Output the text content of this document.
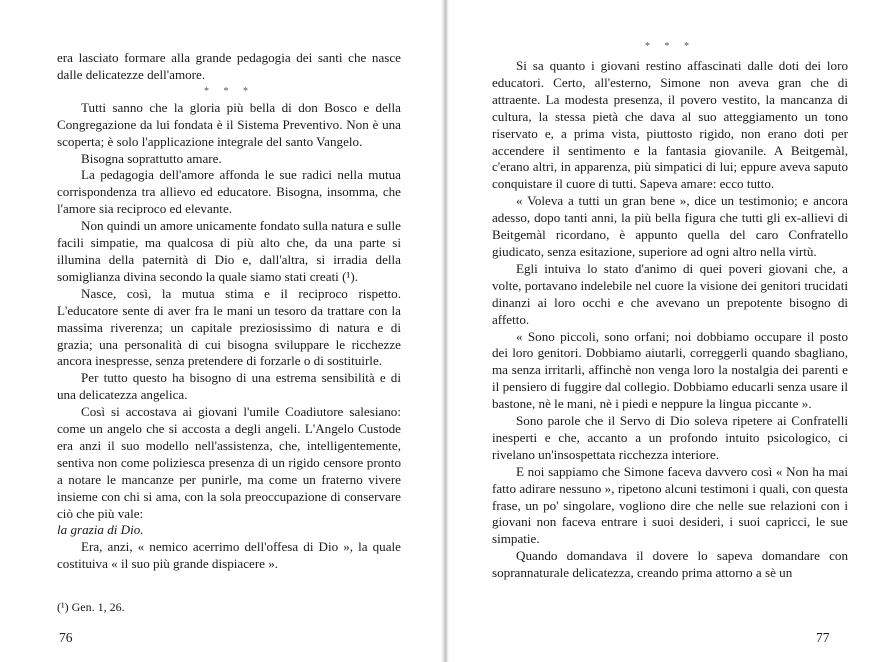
era lasciato formare alla grande pedagogia dei santi che nasce dalle delicatezze dell'amore.

* * *

Tutti sanno che la gloria più bella di don Bosco e della Congregazione da lui fondata è il Sistema Preventivo. Non è una scoperta; è solo l'applicazione integrale del santo Vangelo.

Bisogna soprattutto amare.

La pedagogia dell'amore affonda le sue radici nella mutua corrispondenza tra allievo ed educatore. Bisogna, insomma, che l'amore sia reciproco ed elevante.

Non quindi un amore unicamente fondato sulla natura e sulle facili simpatie, ma qualcosa di più alto che, da una parte si illumina della paternità di Dio e, dall'altra, si irradia della somiglianza divina secondo la quale siamo stati creati (¹).

Nasce, così, la mutua stima e il reciproco rispetto. L'educatore sente di aver fra le mani un tesoro da trattare con la massima riverenza; un capitale preziosissimo di natura e di grazia; una personalità di cui bisogna sviluppare le ricchezze ancora inespresse, senza pretendere di forzarle o di sostituirle.

Per tutto questo ha bisogno di una estrema sensibilità e di una delicatezza angelica.

Così si accostava ai giovani l'umile Coadiutore salesiano: come un angelo che si accosta a degli angeli. L'Angelo Custode era anzi il suo modello nell'assistenza, che, intelligentemente, sentiva non come poliziesca presenza di un rigido censore pronto a notare le mancanze per punirle, ma come un fraterno vivere insieme con chi si ama, con la sola preoccupazione di conservare ciò che più vale:

la grazia di Dio.

Era, anzi, « nemico acerrimo dell'offesa di Dio », la quale costituiva « il suo più grande dispiacere ».

(¹) Gen. 1, 26.
76
* * *

Si sa quanto i giovani restino affascinati dalle doti dei loro educatori. Certo, all'esterno, Simone non aveva gran che di attraente. La modesta presenza, il povero vestito, la mancanza di cultura, la stessa pietà che dava al suo atteggiamento un tono riservato e, a prima vista, piuttosto rigido, non erano doti per accendere il sentimento e la fantasia giovanile. A Beitgemàl, c'erano altri, in apparenza, più simpatici di lui; eppure aveva saputo conquistare il cuore di tutti. Sapeva amare: ecco tutto.

« Voleva a tutti un gran bene », dice un testimonio; e ancora adesso, dopo tanti anni, la più bella figura che tutti gli ex-allievi di Beitgemàl ricordano, è appunto quella del caro Confratello giudicato, senza esitazione, superiore ad ogni altro nella virtù.

Egli intuiva lo stato d'animo di quei poveri giovani che, a volte, portavano indelebile nel cuore la visione dei genitori trucidati dinanzi ai loro occhi e che avevano un prepotente bisogno di affetto.

« Sono piccoli, sono orfani; noi dobbiamo occupare il posto dei loro genitori. Dobbiamo aiutarli, correggerli quando sbagliano, ma senza irritarli, affinchè non venga loro la nostalgia dei parenti e il pensiero di fuggire dal collegio. Dobbiamo educarli senza usare il bastone, nè le mani, nè i piedi e neppure la lingua piccante ».

Sono parole che il Servo di Dio soleva ripetere ai Confratelli inesperti e che, accanto a un profondo intuito psicologico, ci rivelano un'insospettata ricchezza interiore.

E noi sappiamo che Simone faceva davvero così « Non ha mai fatto adirare nessuno », ripetono alcuni testimoni i quali, con questa frase, un po' singolare, vogliono dire che nelle sue relazioni con i giovani non faceva entrare i suoi desideri, i suoi capricci, le sue simpatie.

Quando domandava il dovere lo sapeva domandare con soprannaturale delicatezza, creando prima attorno a sè un

77
